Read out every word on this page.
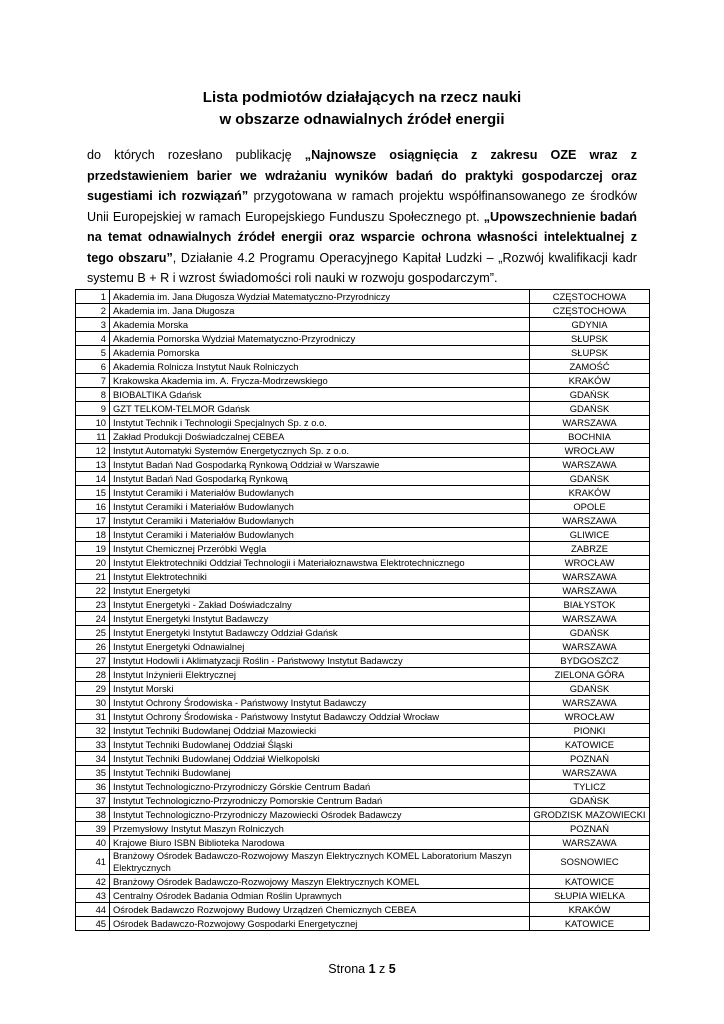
Lista podmiotów działających na rzecz nauki
w obszarze odnawialnych źródeł energii
do których rozesłano publikację „Najnowsze osiągnięcia z zakresu OZE wraz z przedstawieniem barier we wdrażaniu wyników badań do praktyki gospodarczej oraz sugestiami ich rozwiązań” przygotowana w ramach projektu współfinansowanego ze środków Unii Europejskiej w ramach Europejskiego Funduszu Społecznego pt. „Upowszechnienie badań na temat odnawialnych źródeł energii oraz wsparcie ochrona własności intelektualnej z tego obszaru”, Działanie 4.2 Programu Operacyjnego Kapitał Ludzki – „Rozwój kwalifikacji kadr systemu B + R i wzrost świadomości roli nauki w rozwoju gospodarczym”.
1	Akademia im. Jana Długosza Wydział Matematyczno-Przyrodniczy	CZĘSTOCHOWA
2	Akademia im. Jana Długosza	CZĘSTOCHOWA
3	Akademia Morska	GDYNIA
4	Akademia Pomorska Wydział Matematyczno-Przyrodniczy	SŁUPSK
5	Akademia Pomorska	SŁUPSK
6	Akademia Rolnicza Instytut Nauk Rolniczych	ZAMOŚĆ
7	Krakowska Akademia im. A. Frycza-Modrzewskiego	KRAKÓW
8	BIOBALTIKA Gdańsk	GDAŃSK
9	GZT TELKOM-TELMOR Gdańsk	GDAŃSK
10	Instytut Technik i Technologii Specjalnych Sp. z o.o.	WARSZAWA
11	Zakład Produkcji Doświadczalnej CEBEA	BOCHNIA
12	Instytut Automatyki Systemów Energetycznych Sp. z o.o.	WROCŁAW
13	Instytut Badań Nad Gospodarką Rynkową Oddział w Warszawie	WARSZAWA
14	Instytut Badań Nad Gospodarką Rynkową	GDAŃSK
15	Instytut Ceramiki i Materiałów Budowlanych	KRAKÓW
16	Instytut Ceramiki i Materiałów Budowlanych	OPOLE
17	Instytut Ceramiki i Materiałów Budowlanych	WARSZAWA
18	Instytut Ceramiki i Materiałów Budowlanych	GLIWICE
19	Instytut Chemicznej Przeróbki Węgla	ZABRZE
20	Instytut Elektrotechniki Oddział Technologii i Materiałoznawstwa Elektrotechnicznego	WROCŁAW
21	Instytut Elektrotechniki	WARSZAWA
22	Instytut Energetyki	WARSZAWA
23	Instytut Energetyki - Zakład Doświadczalny	BIAŁYSTOK
24	Instytut Energetyki Instytut Badawczy	WARSZAWA
25	Instytut Energetyki Instytut Badawczy Oddział Gdańsk	GDAŃSK
26	Instytut Energetyki Odnawialnej	WARSZAWA
27	Instytut Hodowli i Aklimatyzacji Roślin - Państwowy Instytut Badawczy	BYDGOSZCZ
28	Instytut Inżynierii Elektrycznej	ZIELONA GÓRA
29	Instytut Morski	GDAŃSK
30	Instytut Ochrony Środowiska - Państwowy Instytut Badawczy	WARSZAWA
31	Instytut Ochrony Środowiska - Państwowy Instytut Badawczy Oddział Wrocław	WROCŁAW
32	Instytut Techniki Budowlanej Oddział Mazowiecki	PIONKI
33	Instytut Techniki Budowlanej Oddział Śląski	KATOWICE
34	Instytut Techniki Budowlanej Oddział Wielkopolski	POZNAŃ
35	Instytut Techniki Budowlanej	WARSZAWA
36	Instytut Technologiczno-Przyrodniczy Górskie Centrum Badań	TYLICZ
37	Instytut Technologiczno-Przyrodniczy Pomorskie Centrum Badań	GDAŃSK
38	Instytut Technologiczno-Przyrodniczy Mazowiecki Ośrodek Badawczy	GRODZISK MAZOWIECKI
39	Przemysłowy Instytut Maszyn Rolniczych	POZNAŃ
40	Krajowe Biuro ISBN Biblioteka Narodowa	WARSZAWA
41	Branżowy Ośrodek Badawczo-Rozwojowy Maszyn Elektrycznych KOMEL Laboratorium Maszyn Elektrycznych	SOSNOWIEC
42	Branżowy Ośrodek Badawczo-Rozwojowy Maszyn Elektrycznych KOMEL	KATOWICE
43	Centralny Ośrodek Badania Odmian Roślin Uprawnych	SŁUPIA WIELKA
44	Ośrodek Badawczo Rozwojowy Budowy Urządzeń Chemicznych CEBEA	KRAKÓW
45	Ośrodek Badawczo-Rozwojowy Gospodarki Energetycznej	KATOWICE
Strona 1 z 5
